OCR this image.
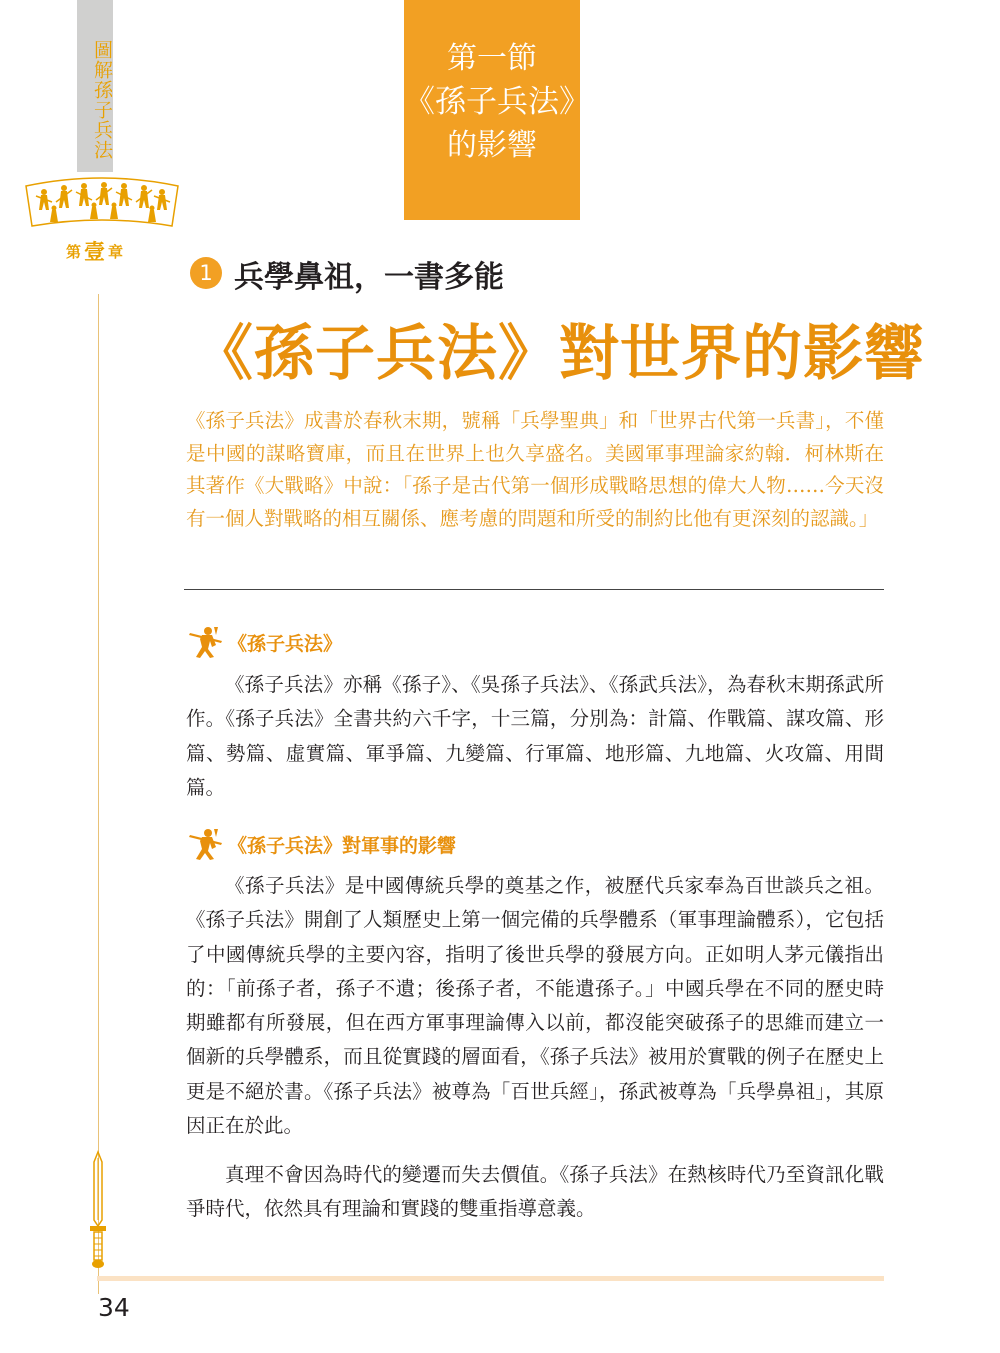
圖解孫子兵法
第壹 章
第一節
《孫子兵法》
的影響
1 兵學鼻祖，一書多能
《孫子兵法》對世界的影響
《孫子兵法》成書於春秋末期，號稱「兵學聖典」和「世界古代第一兵書」，不僅是中國的謀略寶庫，而且在世界上也久享盛名。美國軍事理論家約翰．柯林斯在其著作《大戰略》中說：「孫子是古代第一個形成戰略思想的偉大人物……今天沒有一個人對戰略的相互關係、應考慮的問題和所受的制約比他有更深刻的認識。」
《孫子兵法》
《孫子兵法》亦稱《孫子》、《吳孫子兵法》、《孫武兵法》，為春秋末期孫武所作。《孫子兵法》全書共約六千字，十三篇，分別為：計篇、作戰篇、謀攻篇、形篇、勢篇、虛實篇、軍爭篇、九變篇、行軍篇、地形篇、九地篇、火攻篇、用間篇。
《孫子兵法》對軍事的影響
《孫子兵法》是中國傳統兵學的奠基之作，被歷代兵家奉為百世談兵之祖。《孫子兵法》開創了人類歷史上第一個完備的兵學體系（軍事理論體系），它包括了中國傳統兵學的主要內容，指明了後世兵學的發展方向。正如明人茅元儀指出的：「前孫子者，孫子不遺；後孫子者，不能遺孫子。」中國兵學在不同的歷史時期雖都有所發展，但在西方軍事理論傳入以前，都沒能突破孫子的思維而建立一個新的兵學體系，而且從實踐的層面看，《孫子兵法》被用於實戰的例子在歷史上更是不絕於書。《孫子兵法》被尊為「百世兵經」，孫武被尊為「兵學鼻祖」，其原因正在於此。
真理不會因為時代的變遷而失去價值。《孫子兵法》在熱核時代乃至資訊化戰爭時代，依然具有理論和實踐的雙重指導意義。
34
